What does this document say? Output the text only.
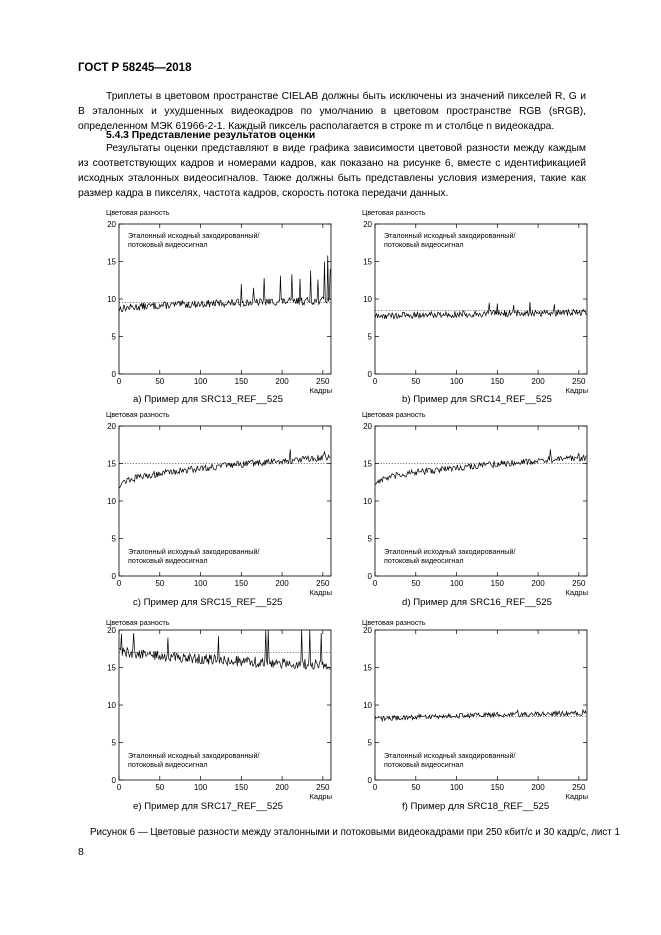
ГОСТ Р 58245—2018

Триплеты в цветовом пространстве CIELAB должны быть исключены из значений пикселей R, G и B эталонных и ухудшенных видеокадров по умолчанию в цветовом пространстве RGB (sRGB), определенном МЭК 61966-2-1. Каждый пиксель располагается в строке m и столбце n видеокадра.

5.4.3 Представление результатов оценки

Результаты оценки представляют в виде графика зависимости цветовой разности между каждым из соответствующих кадров и номерами кадров, как показано на рисунке 6, вместе с идентификацией исходных эталонных видеосигналов. Также должны быть представлены условия измерения, такие как размер кадра в пикселях, частота кадров, скорость потока передачи данных.

Цветовая разность
0
5
10
15
20
0	50	100	150	200	250
Кадры
Эталонный исходный закодированный/
потоковый видеосигнал
a) Пример для SRC13_REF__525
Цветовая разность
0
5
10
15
20
0	50	100	150	200	250
Кадры
Эталонный исходный закодированный/
потоковый видеосигнал
b) Пример для SRC14_REF__525
Цветовая разность
0
5
10
15
20
0	50	100	150	200	250
Кадры
Эталонный исходный закодированный/
потоковый видеосигнал
c) Пример для SRC15_REF__525
Цветовая разность
0
5
10
15
20
0	50	100	150	200	250
Кадры
Эталонный исходный закодированный/
потоковый видеосигнал
d) Пример для SRC16_REF__525
Цветовая разность
0
5
10
15
20
0	50	100	150	200	250
Кадры
Эталонный исходный закодированный/
потоковый видеосигнал
e) Пример для SRC17_REF__525
Цветовая разность
0
5
10
15
20
0	50	100	150	200	250
Кадры
Эталонный исходный закодированный/
потоковый видеосигнал
f) Пример для SRC18_REF__525
Рисунок 6 — Цветовые разности между эталонными и потоковыми видеокадрами при 250 кбит/с и 30 кадр/с, лист 1
8
